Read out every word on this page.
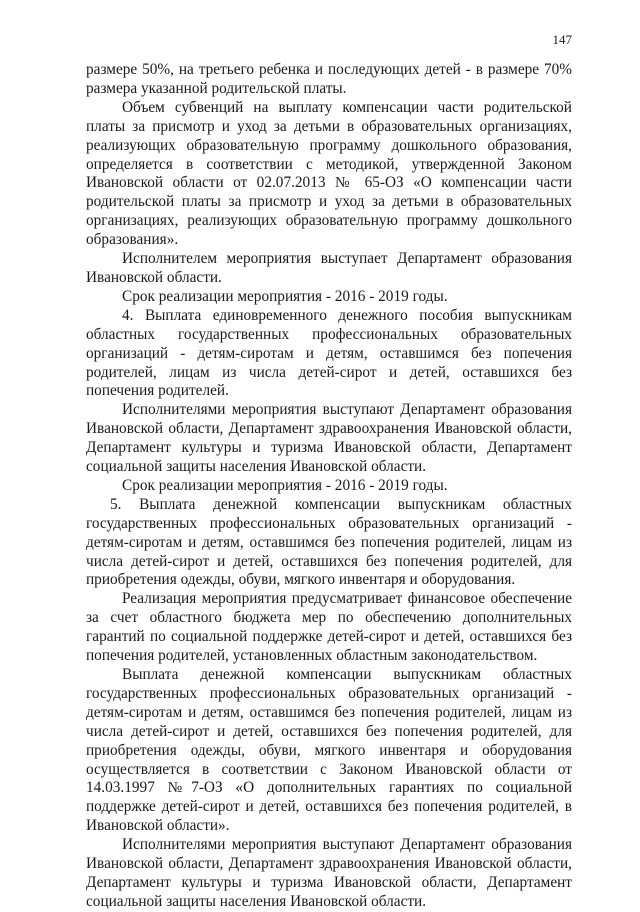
147

размере 50%, на третьего ребенка и последующих детей - в размере 70% размера указанной родительской платы.

Объем субвенций на выплату компенсации части родительской платы за присмотр и уход за детьми в образовательных организациях, реализующих образовательную программу дошкольного образования, определяется в соответствии с методикой, утвержденной Законом Ивановской области от 02.07.2013 № 65-ОЗ «О компенсации части родительской платы за присмотр и уход за детьми в образовательных организациях, реализующих образовательную программу дошкольного образования».

Исполнителем мероприятия выступает Департамент образования Ивановской области.

Срок реализации мероприятия - 2016 - 2019 годы.

4. Выплата единовременного денежного пособия выпускникам областных государственных профессиональных образовательных организаций - детям-сиротам и детям, оставшимся без попечения родителей, лицам из числа детей-сирот и детей, оставшихся без попечения родителей.

Исполнителями мероприятия выступают Департамент образования Ивановской области, Департамент здравоохранения Ивановской области, Департамент культуры и туризма Ивановской области, Департамент социальной защиты населения Ивановской области.

Срок реализации мероприятия - 2016 - 2019 годы.

5. Выплата денежной компенсации выпускникам областных государственных профессиональных образовательных организаций - детям-сиротам и детям, оставшимся без попечения родителей, лицам из числа детей-сирот и детей, оставшихся без попечения родителей, для приобретения одежды, обуви, мягкого инвентаря и оборудования.

Реализация мероприятия предусматривает финансовое обеспечение за счет областного бюджета мер по обеспечению дополнительных гарантий по социальной поддержке детей-сирот и детей, оставшихся без попечения родителей, установленных областным законодательством.

Выплата денежной компенсации выпускникам областных государственных профессиональных образовательных организаций - детям-сиротам и детям, оставшимся без попечения родителей, лицам из числа детей-сирот и детей, оставшихся без попечения родителей, для приобретения одежды, обуви, мягкого инвентаря и оборудования осуществляется в соответствии с Законом Ивановской области от 14.03.1997 №7-ОЗ «О дополнительных гарантиях по социальной поддержке детей-сирот и детей, оставшихся без попечения родителей, в Ивановской области».

Исполнителями мероприятия выступают Департамент образования Ивановской области, Департамент здравоохранения Ивановской области, Департамент культуры и туризма Ивановской области, Департамент социальной защиты населения Ивановской области.
